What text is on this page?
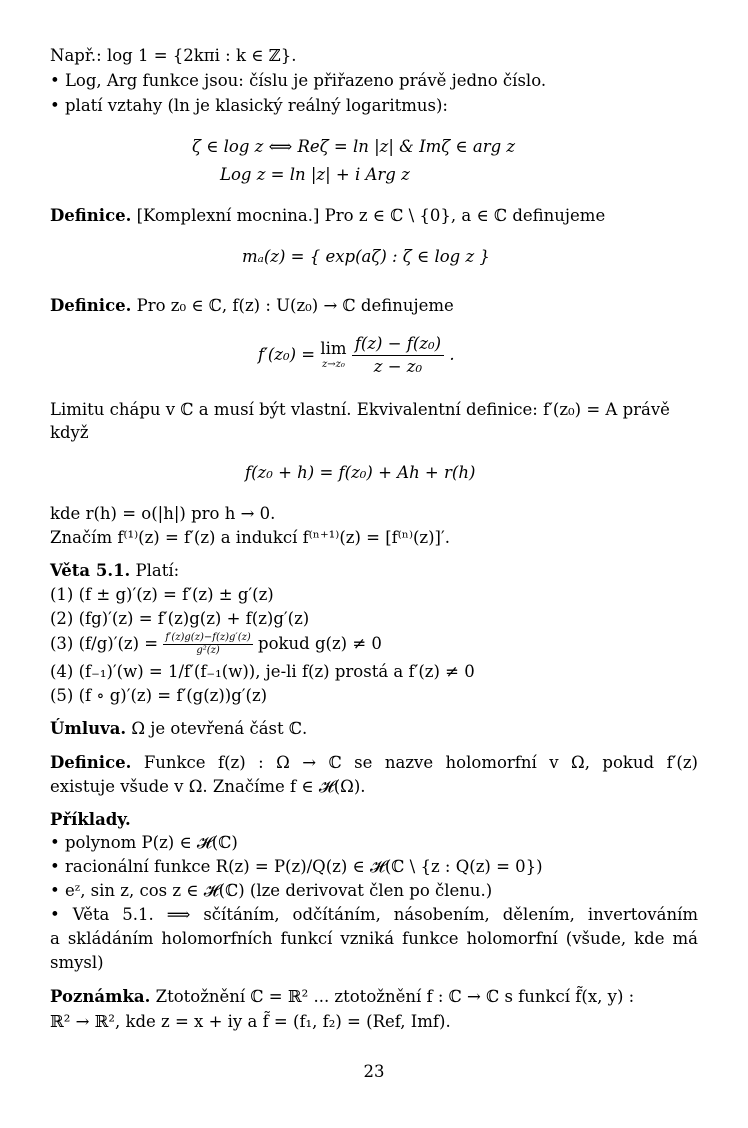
Např.: log 1 = {2kπi : k ∈ ℤ}.
• Log, Arg funkce jsou: číslu je přiřazeno právě jedno číslo.
• platí vztahy (ln je klasický reálný logaritmus):
ζ ∈ log z ⟺ Reζ = ln |z| & Imζ ∈ arg z
Log z = ln |z| + i Arg z
Definice. [Komplexní mocnina.] Pro z ∈ ℂ \ {0}, a ∈ ℂ definujeme
mₐ(z) = { exp(aζ) : ζ ∈ log z }
Definice. Pro z₀ ∈ ℂ, f(z) : U(z₀) → ℂ definujeme
f′(z₀) = lim
z→z₀
$\frac{\text{f(z) − f(z₀)}}{\text{z − z₀}}$ .
Limitu chápu v ℂ a musí být vlastní. Ekvivalentní definice: f′(z₀) = A právě
když
f(z₀ + h) = f(z₀) + Ah + r(h)
kde r(h) = o(|h|) pro h → 0.
Značím f⁽¹⁾(z) = f′(z) a indukcí f⁽ⁿ⁺¹⁾(z) = [f⁽ⁿ⁾(z)]′.
Věta 5.1. Platí:
(1) (f ± g)′(z) = f′(z) ± g′(z)
(2) (fg)′(z) = f′(z)g(z) + f(z)g′(z)
(3) $(f/g)'(z) = \frac{f'(z)g(z)-f(z)g'(z)}{\text{g²(z)}}$ pokud g(z) ≠ 0
(4) (f₋₁)′(w) = 1/f′(f₋₁(w)), je-li f(z) prostá a f′(z) ≠ 0
(5) (f ∘ g)′(z) = f′(g(z))g′(z)
Úmluva. Ω je otevřená část ℂ.
Definice. Funkce f(z) : Ω → ℂ se nazve holomorfní v Ω, pokud f′(z)
existuje všude v Ω. Značíme f ∈ 𝓗(Ω).
Příklady.
• polynom P(z) ∈ 𝓗(ℂ)
• racionální funkce R(z) = P(z)/Q(z) ∈ 𝓗(ℂ \ {z : Q(z) = 0})
• eᶻ, sin z, cos z ∈ 𝓗(ℂ) (lze derivovat člen po členu.)
• Věta 5.1. ⟹ sčítáním, odčítáním, násobením, dělením, invertováním
a skládáním holomorfních funkcí vzniká funkce holomorfní (všude, kde má
smysl)
Poznámka. Ztotožnění ℂ = ℝ² ... ztotožnění f : ℂ → ℂ s funkcí f̃(x, y) :
ℝ² → ℝ², kde z = x + iy a f̃ = (f₁, f₂) = (Ref, Imf).
23
